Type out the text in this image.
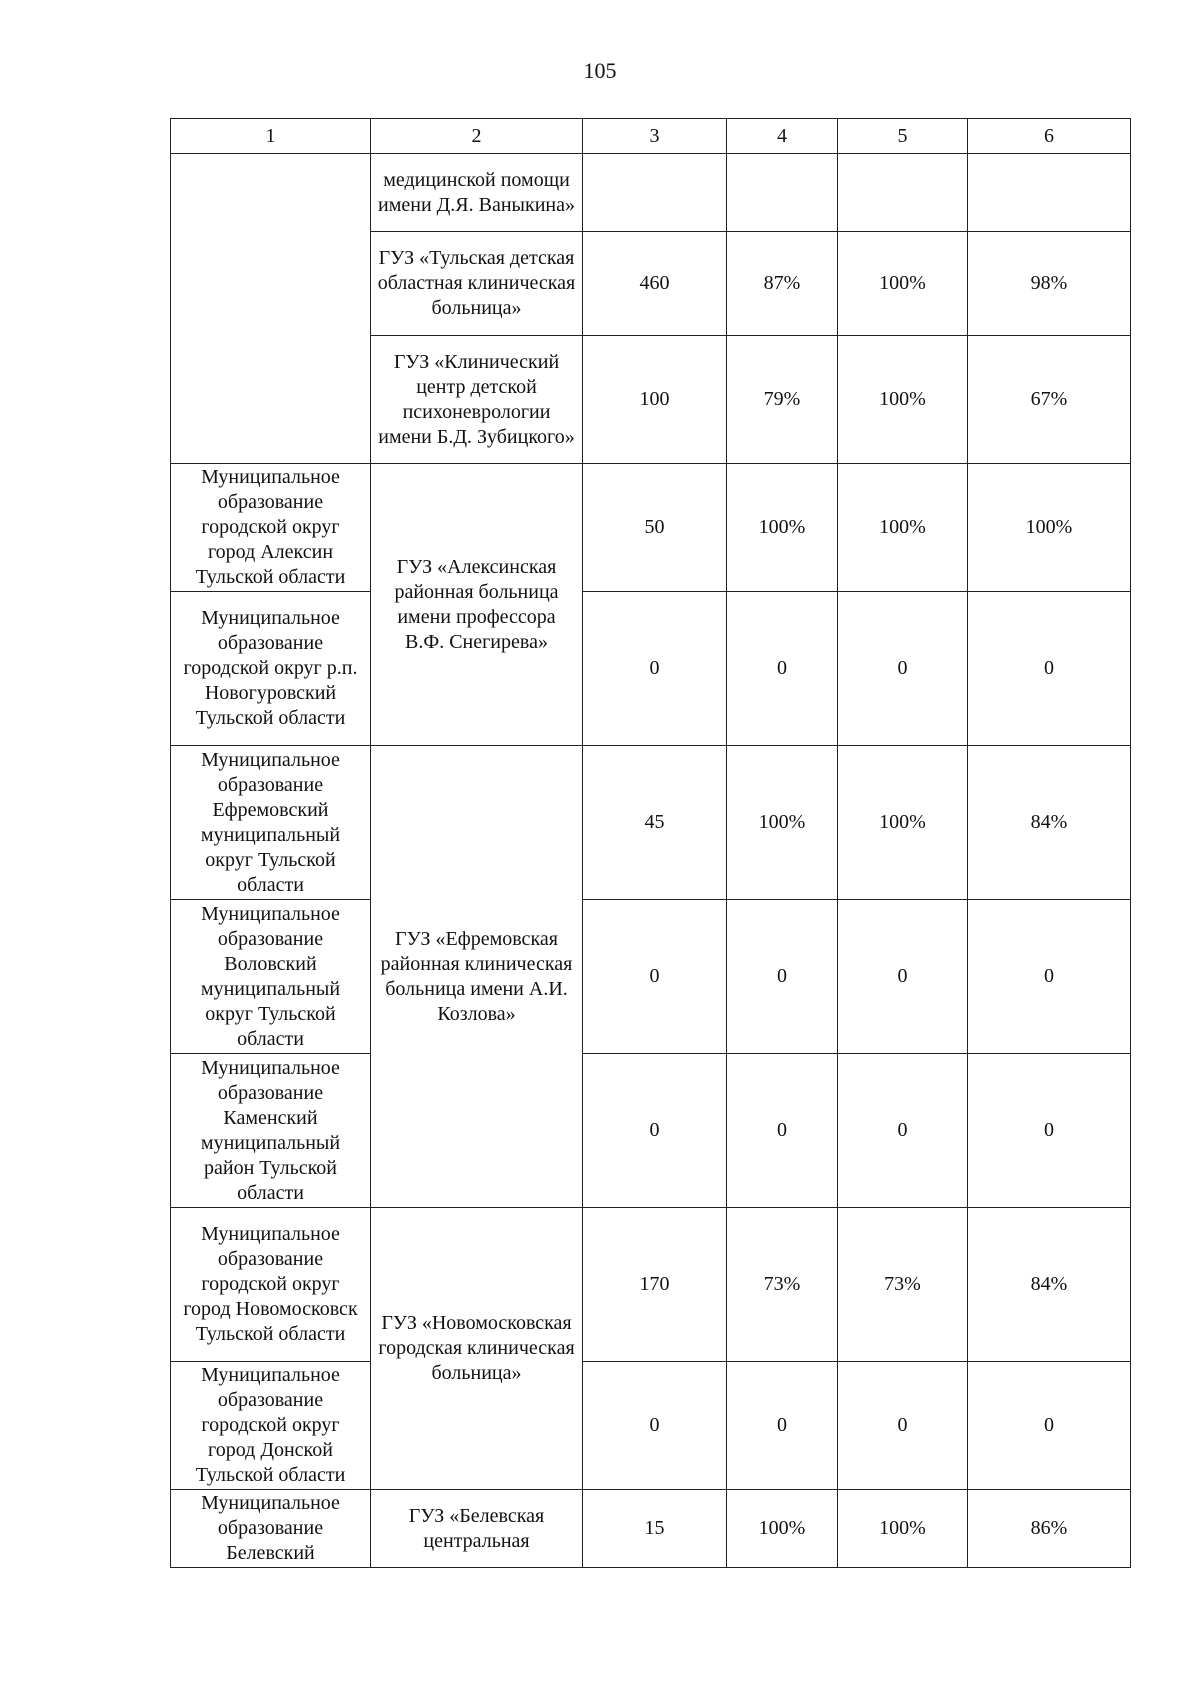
105
1	2	3	4	5	6
	медицинской помощи имени Д.Я. Ваныкина»				
	ГУЗ «Тульская детская областная клиническая больница»	460	87%	100%	98%
	ГУЗ «Клинический центр детской психоневрологии имени Б.Д. Зубицкого»	100	79%	100%	67%
Муниципальное образование городской округ город Алексин Тульской области	ГУЗ «Алексинская районная больница имени профессора В.Ф. Снегирева»	50	100%	100%	100%
Муниципальное образование городской округ р.п. Новогуровский Тульской области		0	0	0	0
Муниципальное образование Ефремовский муниципальный округ Тульской области	ГУЗ «Ефремовская районная клиническая больница имени А.И. Козлова»	45	100%	100%	84%
Муниципальное образование Воловский муниципальный округ Тульской области		0	0	0	0
Муниципальное образование Каменский муниципальный район Тульской области		0	0	0	0
Муниципальное образование городской округ город Новомосковск Тульской области	ГУЗ «Новомосковская городская клиническая больница»	170	73%	73%	84%
Муниципальное образование городской округ город Донской Тульской области		0	0	0	0
Муниципальное образование Белевский	ГУЗ «Белевская центральная	15	100%	100%	86%
